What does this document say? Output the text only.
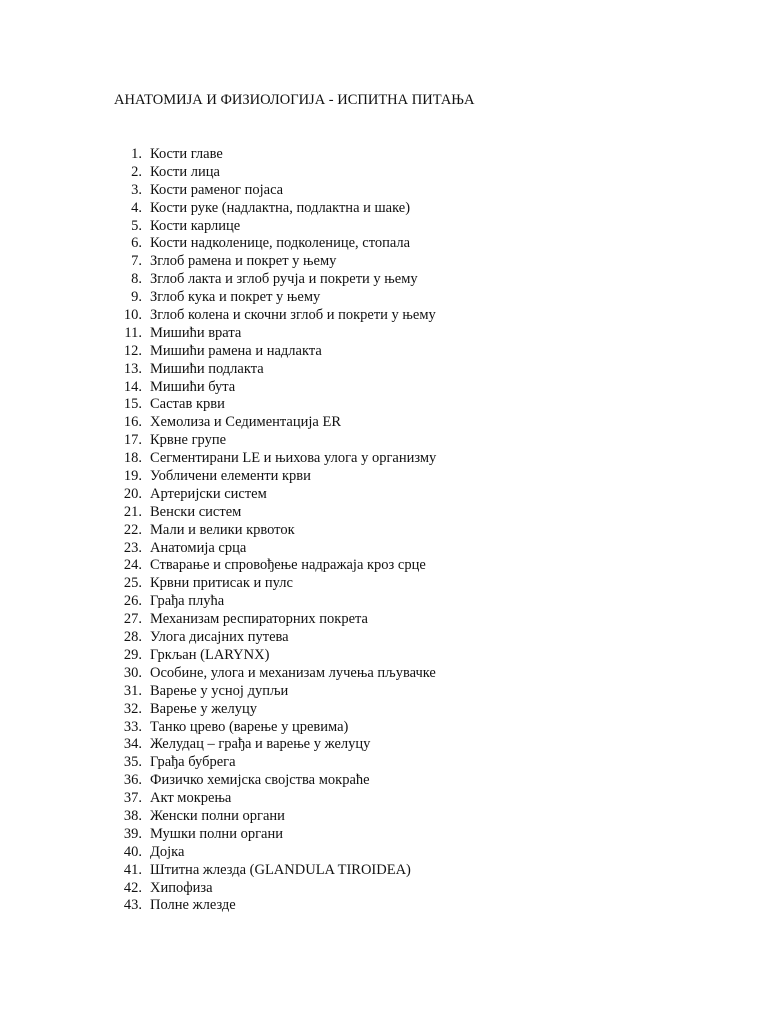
АНАТОМИЈА И ФИЗИОЛОГИЈА - ИСПИТНА ПИТАЊА
1. Кости главе
2. Кости лица
3. Кости раменог појаса
4. Кости руке (надлактна, подлактна и шаке)
5. Кости карлице
6. Кости надколенице, подколенице, стопала
7. Зглоб рамена и покрет у њему
8. Зглоб лакта и зглоб ручја и покрети у њему
9. Зглоб кука и покрет у њему
10. Зглоб колена и скочни зглоб и покрети у њему
11. Мишићи врата
12. Мишићи рамена и надлакта
13. Мишићи подлакта
14. Мишићи бута
15. Састав крви
16. Хемолиза и Седиментација ER
17. Крвне групе
18. Сегментирани LE и њихова улога у организму
19. Уобличени елементи крви
20. Артеријски систем
21. Венски систем
22. Мали и велики крвоток
23. Анатомија срца
24. Стварање и спровођење надражаја кроз срце
25. Крвни притисак и пулс
26. Грађа плућа
27. Механизам респираторних покрета
28. Улога дисајних путева
29. Гркљан (LARYNX)
30. Особине, улога и механизам лучења пљувачке
31. Варење у усној дупљи
32. Варење у желуцу
33. Танко црево (варење у цревима)
34. Желудац – грађа и варење у желуцу
35. Грађа бубрега
36. Физичко хемијска својства мокраће
37. Акт мокрења
38. Женски полни органи
39. Мушки полни органи
40. Дојка
41. Штитна жлезда (GLANDULA TIROIDEA)
42. Хипофиза
43. Полне жлезде
